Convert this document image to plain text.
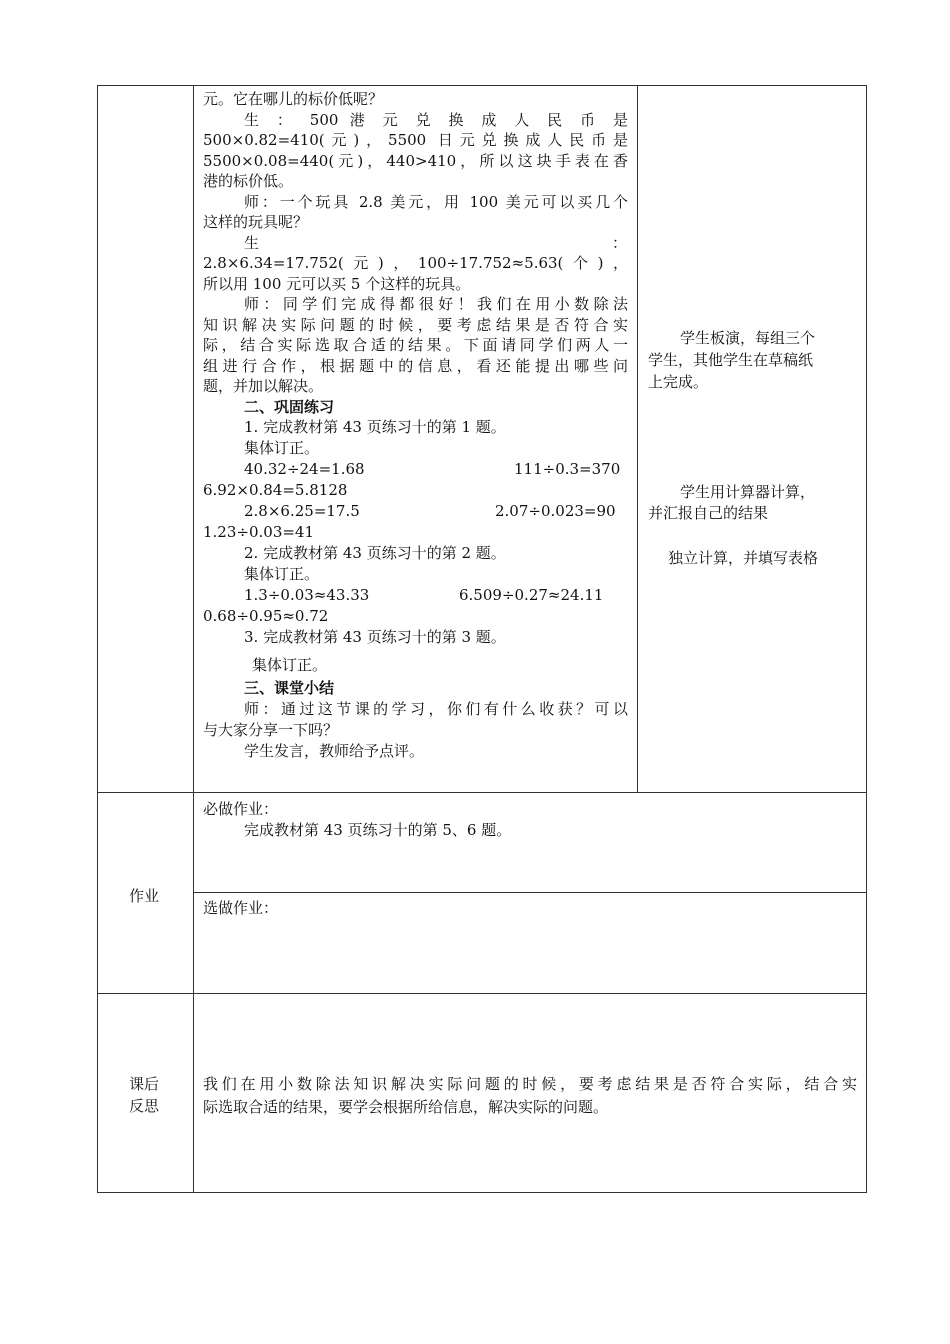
元。它在哪儿的标价低呢？

生 ： 500 港 元 兑 换 成 人 民 币 是

500×0.82=410(元)，5500 日元兑换成人民币是

5500×0.08=440(元)，440>410，所以这块手表在香

港的标价低。

师：一个玩具 2.8 美元，用 100 美元可以买几个

这样的玩具呢？

生	：

2.8×6.34=17.752(元)，100÷17.752≈5.63(个)，

所以用 100 元可以买 5 个这样的玩具。

师：同学们完成得都很好！我们在用小数除法

知识解决实际问题的时候，要考虑结果是否符合实

际，结合实际选取合适的结果。下面请同学们两人一

组进行合作，根据题中的信息，看还能提出哪些问

题，并加以解决。

二、巩固练习

1. 完成教材第 43 页练习十的第 1 题。

集体订正。

40.32÷24=1.68	111÷0.3=370

6.92×0.84=5.8128

2.8×6.25=17.5	2.07÷0.023=90

1.23÷0.03=41

2. 完成教材第 43 页练习十的第 2 题。

集体订正。

1.3÷0.03≈43.33	6.509÷0.27≈24.11

0.68÷0.95≈0.72

3. 完成教材第 43 页练习十的第 3 题。

集体订正。

三、课堂小结

师：通过这节课的学习，你们有什么收获？可以

与大家分享一下吗？

学生发言，教师给予点评。

学生板演，每组三个

学生，其他学生在草稿纸

上完成。

学生用计算器计算，

并汇报自己的结果

独立计算，并填写表格

作业

必做作业：

完成教材第 43 页练习十的第 5、6 题。

选做作业：

课后

反思

我们在用小数除法知识解决实际问题的时候，要考虑结果是否符合实际，结合实

际选取合适的结果，要学会根据所给信息，解决实际的问题。
